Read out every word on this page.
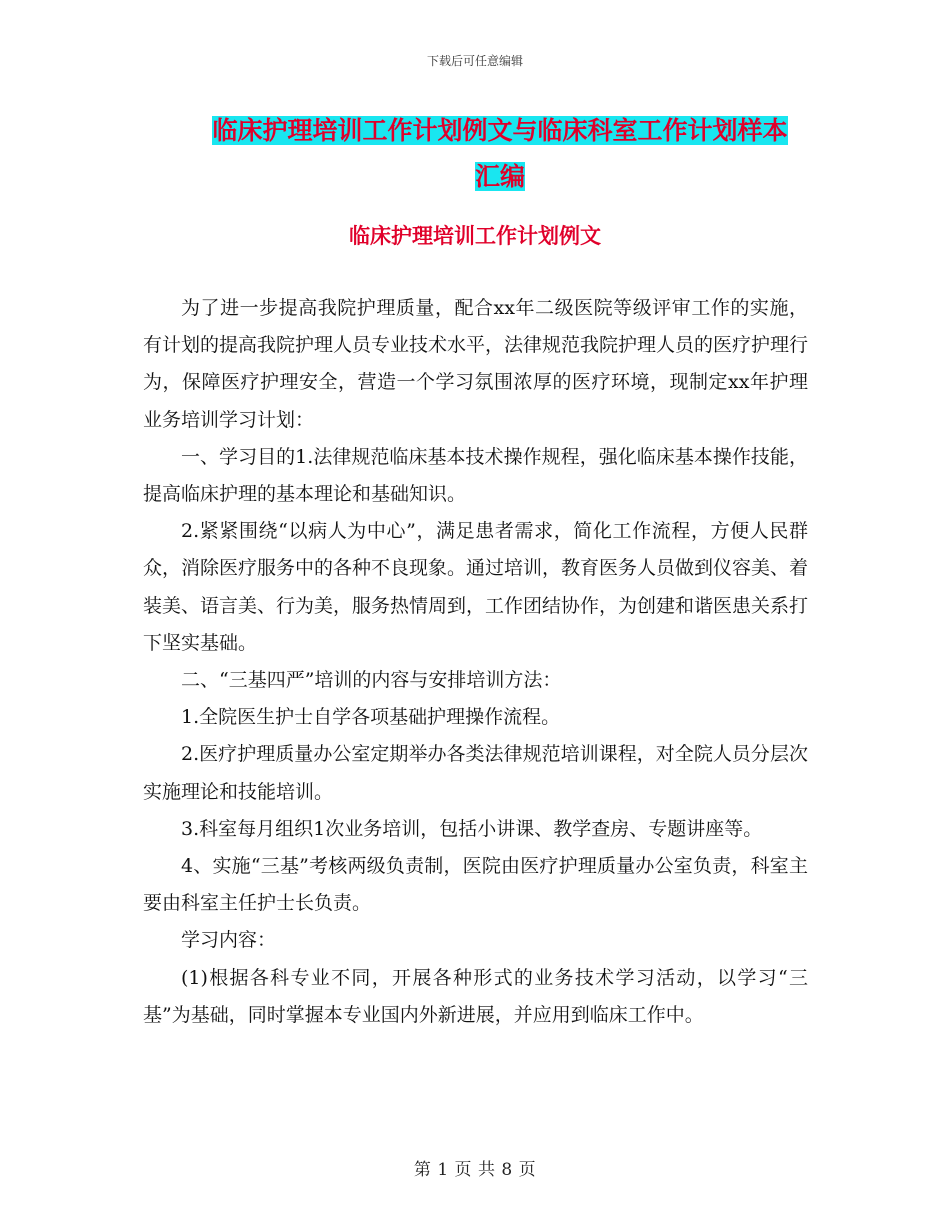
下载后可任意编辑
临床护理培训工作计划例文与临床科室工作计划样本
汇编
临床护理培训工作计划例文

为了进一步提高我院护理质量，配合xx年二级医院等级评审工作的实施，有计划的提高我院护理人员专业技术水平，法律规范我院护理人员的医疗护理行为，保障医疗护理安全，营造一个学习氛围浓厚的医疗环境，现制定xx年护理业务培训学习计划：

一、学习目的1.法律规范临床基本技术操作规程，强化临床基本操作技能，提高临床护理的基本理论和基础知识。

2.紧紧围绕“以病人为中心”，满足患者需求，简化工作流程，方便人民群众，消除医疗服务中的各种不良现象。通过培训，教育医务人员做到仪容美、着装美、语言美、行为美，服务热情周到，工作团结协作，为创建和谐医患关系打下坚实基础。

二、“三基四严”培训的内容与安排培训方法：

1.全院医生护士自学各项基础护理操作流程。

2.医疗护理质量办公室定期举办各类法律规范培训课程，对全院人员分层次实施理论和技能培训。

3.科室每月组织1次业务培训，包括小讲课、教学查房、专题讲座等。

4、实施“三基”考核两级负责制，医院由医疗护理质量办公室负责，科室主要由科室主任护士长负责。

学习内容：

(1)根据各科专业不同，开展各种形式的业务技术学习活动，以学习“三基”为基础，同时掌握本专业国内外新进展，并应用到临床工作中。

第 1 页 共 8 页
